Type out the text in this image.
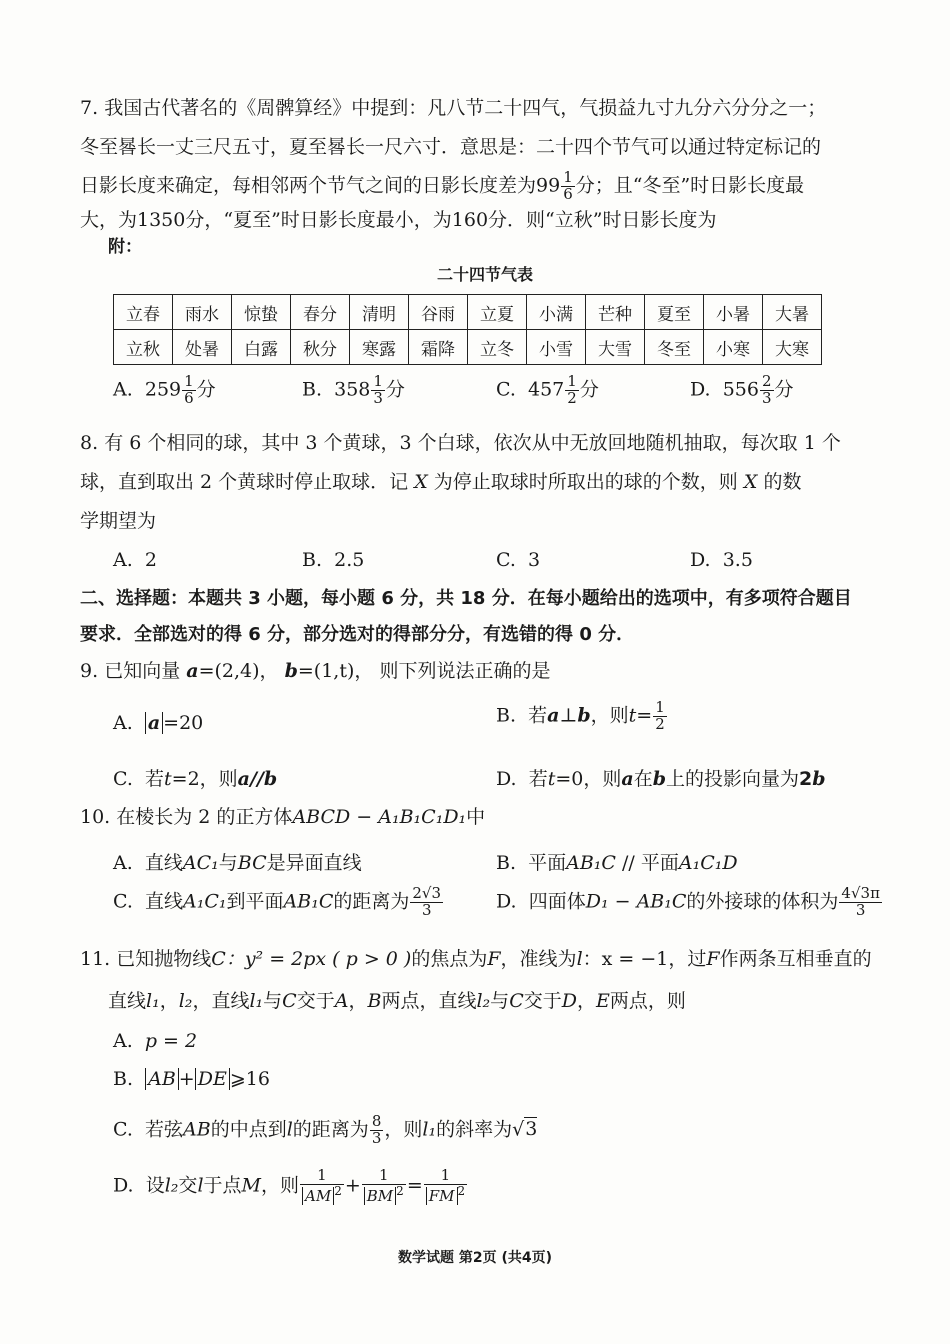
7. 我国古代著名的《周髀算经》中提到：凡八节二十四气，气损益九寸九分六分分之一；
冬至晷长一丈三尺五寸，夏至晷长一尺六寸．意思是：二十四个节气可以通过特定标记的
日影长度来确定，每相邻两个节气之间的日影长度差为$99 \frac{1}{6}$ 分；且“冬至”时日影长度最
大，为1350分，“夏至”时日影长度最小，为160分．则“立秋”时日影长度为
附：
二十四节气表
立春	雨水	惊蛰	春分	清明	谷雨	立夏	小满	芒种	夏至	小暑	大暑
立秋	处暑	白露	秋分	寒露	霜降	立冬	小雪	大雪	冬至	小寒	大寒
A. $259 \frac{1}{6}$ 分	B. $358 \frac{1}{3}$ 分	C. $457 \frac{1}{2}$ 分	D. $556 \frac{2}{3}$ 分
8. 有 6 个相同的球，其中 3 个黄球，3 个白球，依次从中无放回地随机抽取，每次取 1 个
球，直到取出 2 个黄球时停止取球．记 X 为停止取球时所取出的球的个数，则 X 的数
学期望为
A. 2	B. 2.5	C. 3	D. 3.5
二、选择题：本题共 3 小题，每小题 6 分，共 18 分．在每小题给出的选项中，有多项符合题目
要求．全部选对的得 6 分，部分选对的得部分分，有选错的得 0 分．
9. 已知向量 a=(2,4)， b=(1,t)， 则下列说法正确的是
A. a =20	B. 若a⊥b，则$t= \frac{1}{2}$
C. 若t=2，则a//b	D. 若t=0，则a在b上的投影向量为2b
10. 在棱长为 2 的正方体ABCD − A₁B₁C₁D₁中
A. 直线AC₁与BC是异面直线	B. 平面AB₁C // 平面A₁C₁D
C. 直线A₁C₁到平面AB₁C的距离为 $\frac{2√3}{3}$	D. 四面体D₁ − AB₁C的外接球的体积为 $\frac{4√3\pi}{3}$
11. 已知抛物线C：y² = 2px ( p > 0 )的焦点为F，准线为l：x = −1，过F作两条互相垂直的
直线l₁，l₂，直线l₁与C交于A，B两点，直线l₂与C交于D，E两点，则
A. p = 2
B. AB + DE ⩾16
C. 若弦AB的中点到l的距离为 $\frac{8}{3}$ ，则l₁的斜率为√3
D. 设l₂交l于点M，则 $\frac{1}{AM ^2} + \frac{1}{BM ^2} = \frac{1}{FM ^2}$
数学试题 第2页 (共4页)
